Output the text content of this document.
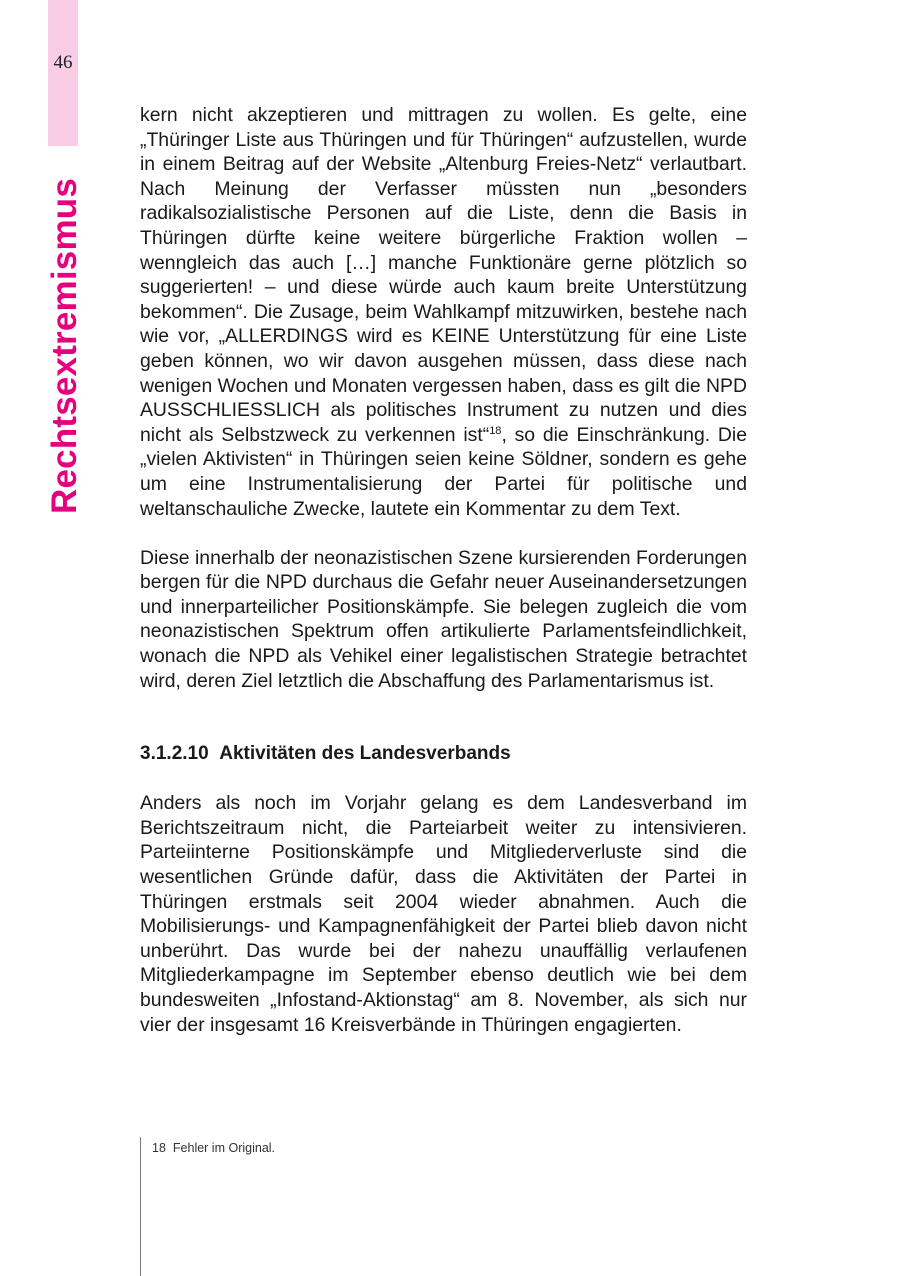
46
Rechtsextremismus

kern nicht akzeptieren und mittragen zu wollen. Es gelte, eine „Thüringer Liste aus Thüringen und für Thüringen“ aufzustellen, wurde in einem Beitrag auf der Website „Altenburg Freies-Netz“ verlautbart. Nach Meinung der Verfasser müssten nun „besonders radikalsozialistische Personen auf die Liste, denn die Basis in Thüringen dürfte keine weitere bürgerliche Fraktion wollen – wenngleich das auch […] manche Funktionäre gerne plötzlich so suggerierten! – und diese würde auch kaum breite Unterstützung bekommen“. Die Zusage, beim Wahlkampf mitzuwirken, bestehe nach wie vor, „ALLERDINGS wird es KEINE Unterstützung für eine Liste geben können, wo wir davon ausgehen müssen, dass diese nach wenigen Wochen und Monaten vergessen haben, dass es gilt die NPD AUSSCHLIESSLICH als politisches Instrument zu nutzen und dies nicht als Selbstzweck zu verkennen ist“$^{18}$, so die Einschränkung. Die „vielen Aktivisten“ in Thüringen seien keine Söldner, sondern es gehe um eine Instrumentalisierung der Partei für politische und weltanschauliche Zwecke, lautete ein Kommentar zu dem Text.

Diese innerhalb der neonazistischen Szene kursierenden Forderungen bergen für die NPD durchaus die Gefahr neuer Auseinandersetzungen und innerparteilicher Positionskämpfe. Sie belegen zugleich die vom neonazistischen Spektrum offen artikulierte Parlamentsfeindlichkeit, wonach die NPD als Vehikel einer legalistischen Strategie betrachtet wird, deren Ziel letztlich die Abschaffung des Parlamentarismus ist.

3.1.2.10 Aktivitäten des Landesverbands

Anders als noch im Vorjahr gelang es dem Landesverband im Berichtszeitraum nicht, die Parteiarbeit weiter zu intensivieren. Parteiinterne Positionskämpfe und Mitgliederverluste sind die wesentlichen Gründe dafür, dass die Aktivitäten der Partei in Thüringen erstmals seit 2004 wieder abnahmen. Auch die Mobilisierungs- und Kampagnenfähigkeit der Partei blieb davon nicht unberührt. Das wurde bei der nahezu unauffällig verlaufenen Mitgliederkampagne im September ebenso deutlich wie bei dem bundesweiten „Infostand-Aktionstag“ am 8. November, als sich nur vier der insgesamt 16 Kreisverbände in Thüringen engagierten.

18 Fehler im Original.
